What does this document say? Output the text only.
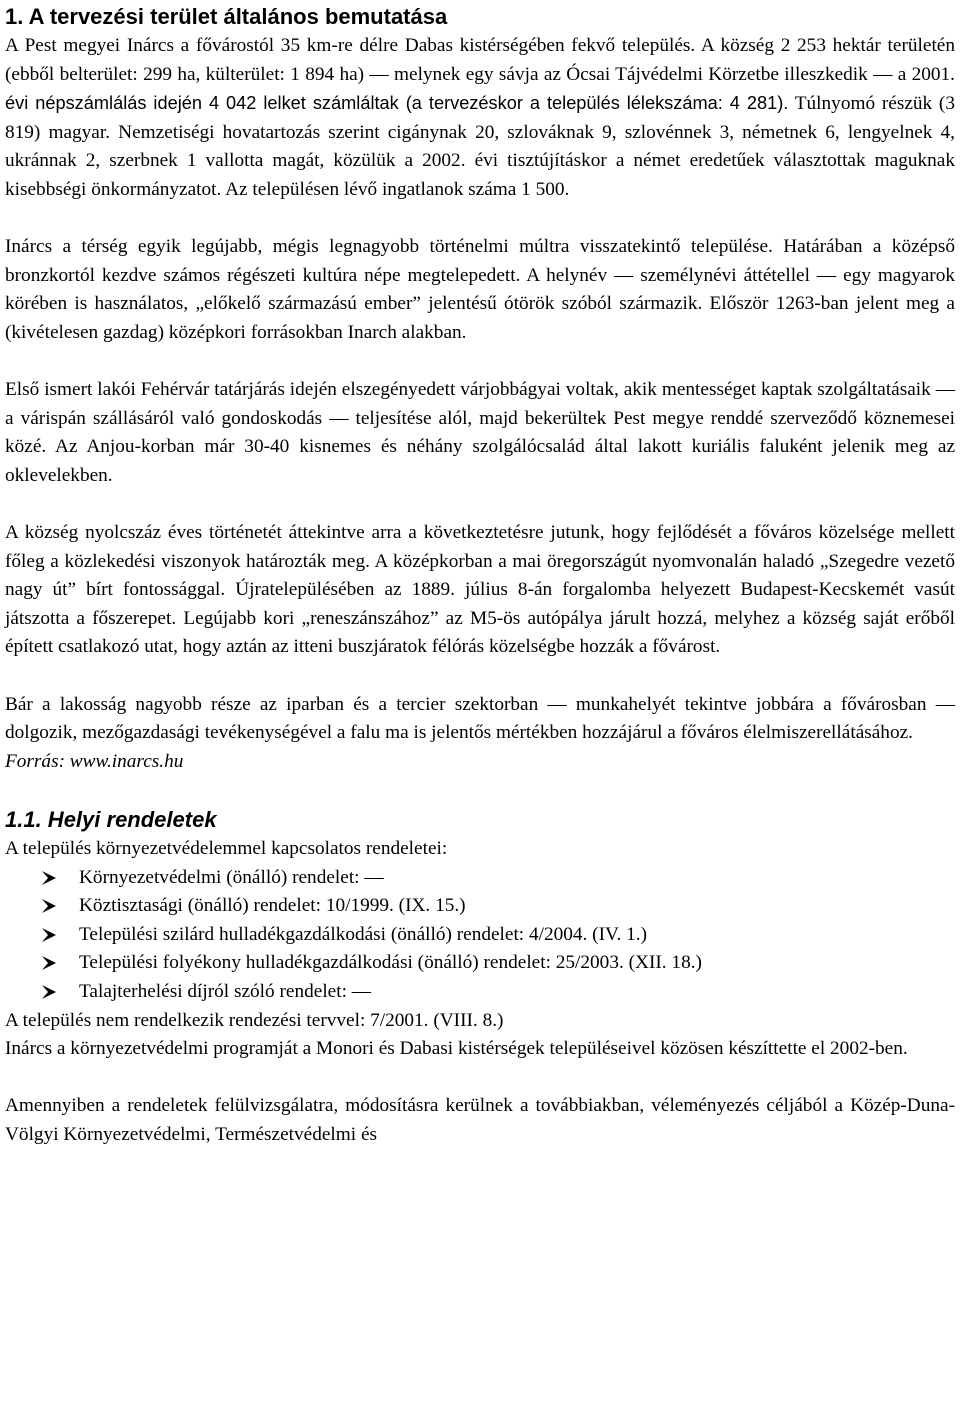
1. A tervezési terület általános bemutatása

A Pest megyei Inárcs a fővárostól 35 km-re délre Dabas kistérségében fekvő település. A község 2 253 hektár területén (ebből belterület: 299 ha, külterület: 1 894 ha) ― melynek egy sávja az Ócsai Tájvédelmi Körzetbe illeszkedik ― a 2001. évi népszámlálás idején 4 042 lelket számláltak (a tervezéskor a település lélekszáma: 4 281). Túlnyomó részük (3 819) magyar. Nemzetiségi hovatartozás szerint cigánynak 20, szlováknak 9, szlovénnek 3, németnek 6, lengyelnek 4, ukránnak 2, szerbnek 1 vallotta magát, közülük a 2002. évi tisztújításkor a német eredetűek választottak maguknak kisebbségi önkormányzatot. Az településen lévő ingatlanok száma 1 500.

Inárcs a térség egyik legújabb, mégis legnagyobb történelmi múltra visszatekintő települése. Határában a középső bronzkortól kezdve számos régészeti kultúra népe megtelepedett. A helynév ― személynévi áttétellel ― egy magyarok körében is használatos, „előkelő származású ember” jelentésű ótörök szóból származik. Először 1263-ban jelent meg a (kivételesen gazdag) középkori forrásokban Inarch alakban.

Első ismert lakói Fehérvár tatárjárás idején elszegényedett várjobbágyai voltak, akik mentességet kaptak szolgáltatásaik ― a várispán szállásáról való gondoskodás ― teljesítése alól, majd bekerültek Pest megye renddé szerveződő köznemesei közé. Az Anjou-korban már 30-40 kisnemes és néhány szolgálócsalád által lakott kuriális faluként jelenik meg az oklevelekben.

A község nyolcszáz éves történetét áttekintve arra a következtetésre jutunk, hogy fejlődését a főváros közelsége mellett főleg a közlekedési viszonyok határozták meg. A középkorban a mai öregországút nyomvonalán haladó „Szegedre vezető nagy út” bírt fontossággal. Újratelepülésében az 1889. július 8-án forgalomba helyezett Budapest-Kecskemét vasút játszotta a főszerepet. Legújabb kori „reneszánszához” az M5-ös autópálya járult hozzá, melyhez a község saját erőből épített csatlakozó utat, hogy aztán az itteni buszjáratok félórás közelségbe hozzák a fővárost.

Bár a lakosság nagyobb része az iparban és a tercier szektorban ― munkahelyét tekintve jobbára a fővárosban ― dolgozik, mezőgazdasági tevékenységével a falu ma is jelentős mértékben hozzájárul a főváros élelmiszerellátásához.

Forrás: www.inarcs.hu

1.1. Helyi rendeletek

A település környezetvédelemmel kapcsolatos rendeletei:

Környezetvédelmi (önálló) rendelet: ―
Köztisztasági (önálló) rendelet: 10/1999. (IX. 15.)
Települési szilárd hulladékgazdálkodási (önálló) rendelet: 4/2004. (IV. 1.)
Települési folyékony hulladékgazdálkodási (önálló) rendelet: 25/2003. (XII. 18.)
Talajterhelési díjról szóló rendelet: ―

A település nem rendelkezik rendezési tervvel: 7/2001. (VIII. 8.)

Inárcs a környezetvédelmi programját a Monori és Dabasi kistérségek településeivel közösen készíttette el 2002-ben.

Amennyiben a rendeletek felülvizsgálatra, módosításra kerülnek a továbbiakban, véleményezés céljából a Közép-Duna- Völgyi Környezetvédelmi, Természetvédelmi és
